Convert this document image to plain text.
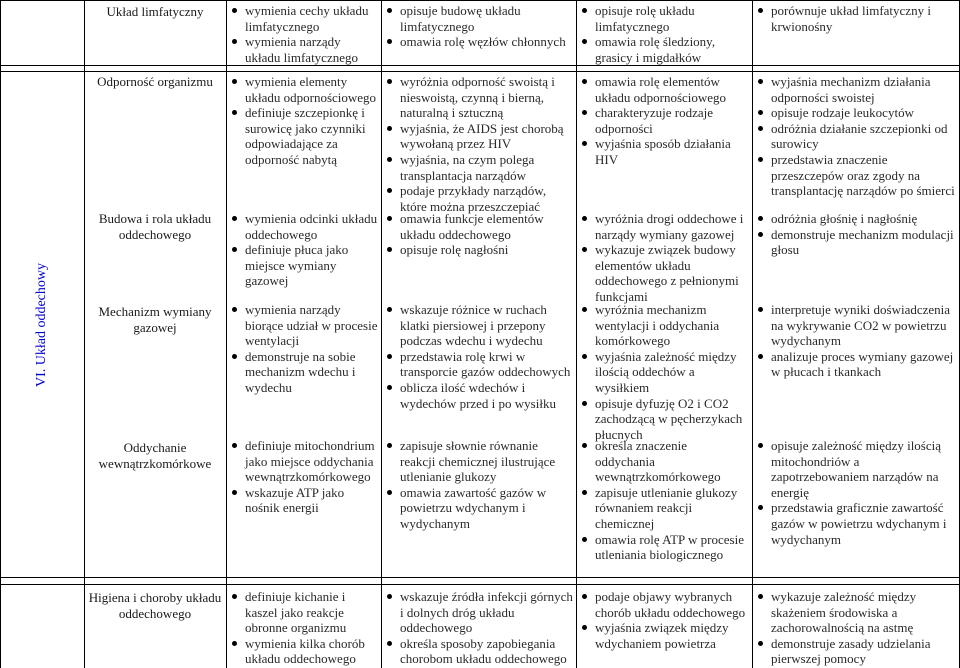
VI. Układ oddechowy
Układ limfatyczny
Odporność organizmu
Budowa i rola układu oddechowego
Mechanizm wymiany gazowej
Oddychanie wewnątrzkomórkowe
Higiena i choroby układu oddechowego
wymienia cechy układu limfatycznego
wymienia narządy układu limfatycznego
opisuje budowę układu limfatycznego
omawia rolę węzłów chłonnych
opisuje rolę układu limfatycznego
omawia rolę śledziony, grasicy i migdałków
porównuje układ limfatyczny i krwionośny
wymienia elementy układu odpornościowego
definiuje szczepionkę i surowicę jako czynniki odpowiadające za odporność nabytą
wyróżnia odporność swoistą i nieswoistą, czynną i bierną, naturalną i sztuczną
wyjaśnia, że AIDS jest chorobą wywołaną przez HIV
wyjaśnia, na czym polega transplantacja narządów
podaje przykłady narządów, które można przeszczepiać
omawia rolę elementów układu odpornościowego
charakteryzuje rodzaje odporności
wyjaśnia sposób działania HIV
wyjaśnia mechanizm działania odporności swoistej
opisuje rodzaje leukocytów
odróżnia działanie szczepionki od surowicy
przedstawia znaczenie przeszczepów oraz zgody na transplantację narządów po śmierci
wymienia odcinki układu oddechowego
definiuje płuca jako miejsce wymiany gazowej
omawia funkcje elementów układu oddechowego
opisuje rolę nagłośni
wyróżnia drogi oddechowe i narządy wymiany gazowej
wykazuje związek budowy elementów układu oddechowego z pełnionymi funkcjami
odróżnia głośnię i nagłośnię
demonstruje mechanizm modulacji głosu
wymienia narządy biorące udział w procesie wentylacji
demonstruje na sobie mechanizm wdechu i wydechu
wskazuje różnice w ruchach klatki piersiowej i przepony podczas wdechu i wydechu
przedstawia rolę krwi w transporcie gazów oddechowych
oblicza ilość wdechów i wydechów przed i po wysiłku
wyróżnia mechanizm wentylacji i oddychania komórkowego
wyjaśnia zależność między ilością oddechów a wysiłkiem
opisuje dyfuzję O2 i CO2 zachodzącą w pęcherzykach płucnych
interpretuje wyniki doświadczenia na wykrywanie CO2 w powietrzu wydychanym
analizuje proces wymiany gazowej w płucach i tkankach
definiuje mitochondrium jako miejsce oddychania wewnątrzkomórkowego
wskazuje ATP jako nośnik energii
zapisuje słownie równanie reakcji chemicznej ilustrujące utlenianie glukozy
omawia zawartość gazów w powietrzu wdychanym i wydychanym
określa znaczenie oddychania wewnątrzkomórkowego
zapisuje utlenianie glukozy równaniem reakcji chemicznej
omawia rolę ATP w procesie utleniania biologicznego
opisuje zależność między ilością mitochondriów a zapotrzebowaniem narządów na energię
przedstawia graficznie zawartość gazów w powietrzu wdychanym i wydychanym
definiuje kichanie i kaszel jako reakcje obronne organizmu
wymienia kilka chorób układu oddechowego
wskazuje źródła infekcji górnych i dolnych dróg układu oddechowego
określa sposoby zapobiegania chorobom układu oddechowego
podaje objawy wybranych chorób układu oddechowego
wyjaśnia związek między wdychaniem powietrza
wykazuje zależność między skażeniem środowiska a zachorowalnością na astmę
demonstruje zasady udzielania pierwszej pomocy
